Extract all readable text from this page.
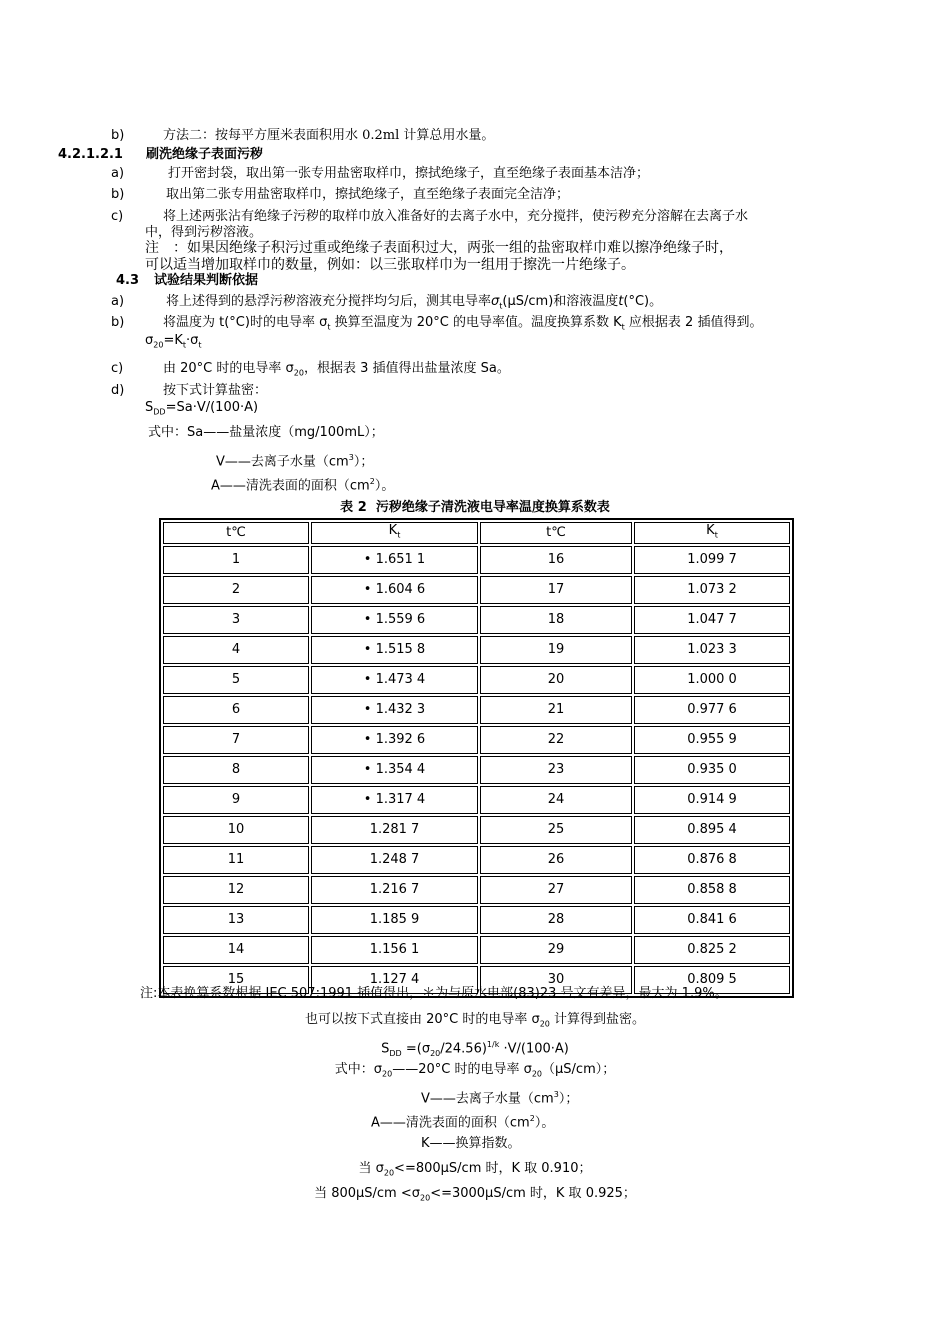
b)	方法二：按每平方厘米表面积用水 0.2ml 计算总用水量。
4.2.1.2.1 刷洗绝缘子表面污秽
a)	打开密封袋，取出第一张专用盐密取样巾，擦拭绝缘子，直至绝缘子表面基本洁净；
b)	取出第二张专用盐密取样巾，擦拭绝缘子，直至绝缘子表面完全洁净；
c)	将上述两张沾有绝缘子污秽的取样巾放入准备好的去离子水中，充分搅拌，使污秽充分溶解在去离子水
中，得到污秽溶液。
注　：如果因绝缘子积污过重或绝缘子表面积过大，两张一组的盐密取样巾难以擦净绝缘子时，
可以适当增加取样巾的数量，例如：以三张取样巾为一组用于擦洗一片绝缘子。
4.3 试验结果判断依据
a)	将上述得到的悬浮污秽溶液充分搅拌均匀后，测其电导率$\sigma_t(\mu S/cm)$和溶液温度t(°C)。
b)	将温度为 t(°C)时的电导率 $\sigma_t$ 换算至温度为 20°C 的电导率值。温度换算系数 $K_t$ 应根据表 2 插值得到。
$\sigma_{20}=K_t\cdot\sigma_t$
c)	由 20°C 时的电导率 $\sigma_{20}$，根据表 3 插值得出盐量浓度 Sa。
d)	按下式计算盐密：
$S_{DD}=Sa\cdot V/(100\cdot A)$
式中：Sa——盐量浓度（mg/100mL）；
V——去离子水量$(cm^3)$；
A——清洗表面的面积$(cm^2)$。
表 2 污秽绝缘子清洗液电导率温度换算系数表
t℃	$K_t$	t℃	$K_t$
1	• 1.651 1	16	1.099 7
2	• 1.604 6	17	1.073 2
3	• 1.559 6	18	1.047 7
4	• 1.515 8	19	1.023 3
5	• 1.473 4	20	1.000 0
6	• 1.432 3	21	0.977 6
7	• 1.392 6	22	0.955 9
8	• 1.354 4	23	0.935 0
9	• 1.317 4	24	0.914 9
10	1.281 7	25	0.895 4
11	1.248 7	26	0.876 8
12	1.216 7	27	0.858 8
13	1.185 9	28	0.841 6
14	1.156 1	29	0.825 2
15	1.127 4	30	0.809 5
注:本表换算系数根据 IEC 507:1991 插值得出，＊为与原水电部(83)23 号文有差异，最大为 1.9%。
也可以按下式直接由 20°C 时的电导率 $\sigma_{20}$ 计算得到盐密。
$S_{DD} =(\sigma_{20}/24.56)^{1/k} \cdot V/(100\cdot A)$
式中：$\sigma_{20}——20^\circ C$ 时的电导率 $\sigma_{20}(\mu S/cm)$；
V——去离子水量$(cm^3)$；
A——清洗表面的面积$(cm^2)$。
K——换算指数。
当 $\sigma_{20}<=800\mu S/cm$ 时，K 取 0.910；
当 $800\mu S/cm <\sigma_{20}<=3000\mu S/cm$ 时，K 取 0.925；
